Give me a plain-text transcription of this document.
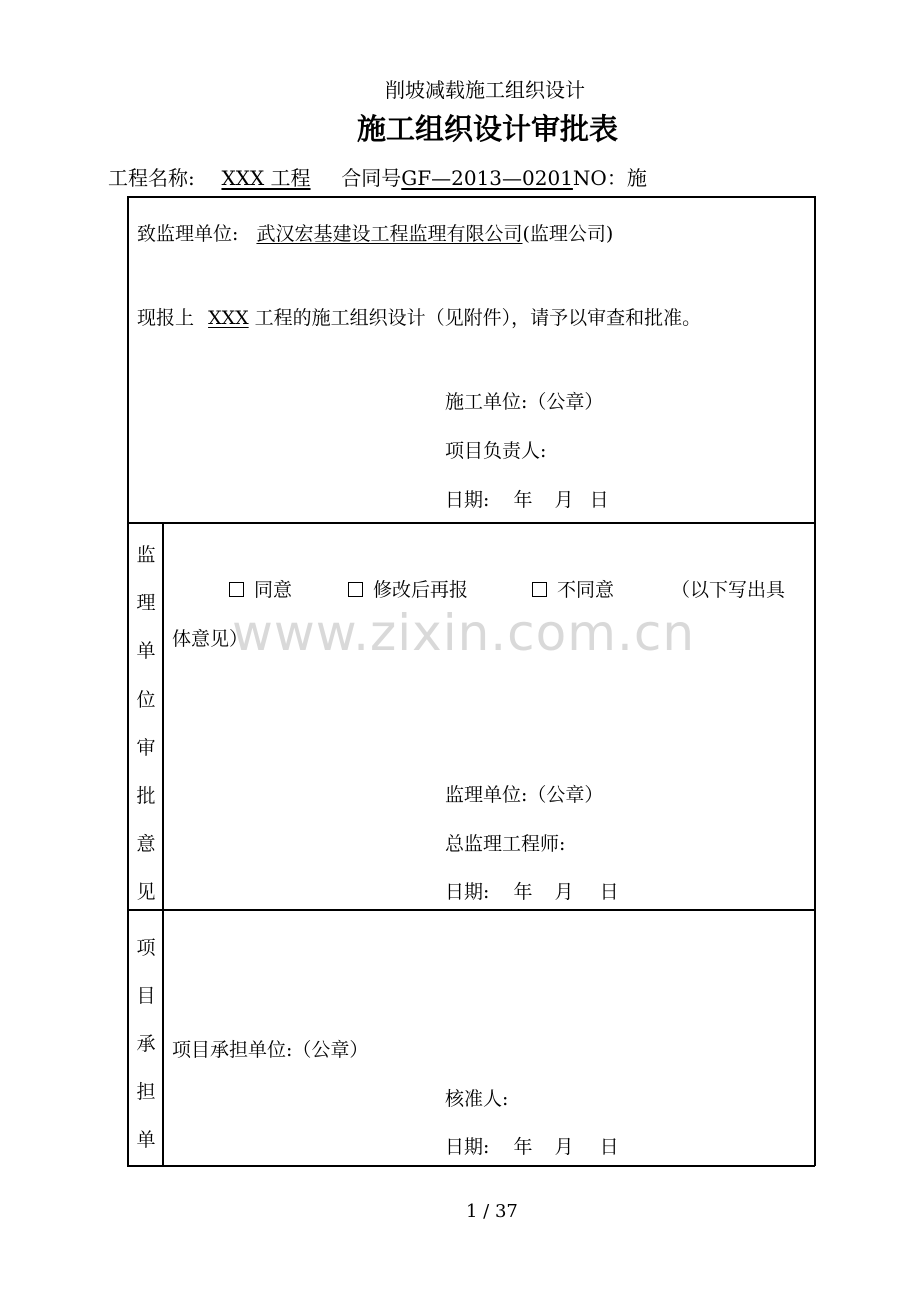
削坡减载施工组织设计
施工组织设计审批表
工程名称: XXX 工程 合同号GF—2013—0201NO：施
致监理单位: 武汉宏基建设工程监理有限公司(监理公司)
现报上 XXX 工程的施工组织设计（见附件），请予以审查和批准。
施工单位:（公章）
项目负责人:
日期: 年 月 日
监
理
单
位
审
批
意
见
同意	修改后再报	不同意	（以下写出具
体意见）
监理单位:（公章）
总监理工程师:
日期: 年 月 日
项
目
承
担
单
项目承担单位:（公章）
核准人:
日期: 年 月 日
www.zixin.com.cn
1 / 37
